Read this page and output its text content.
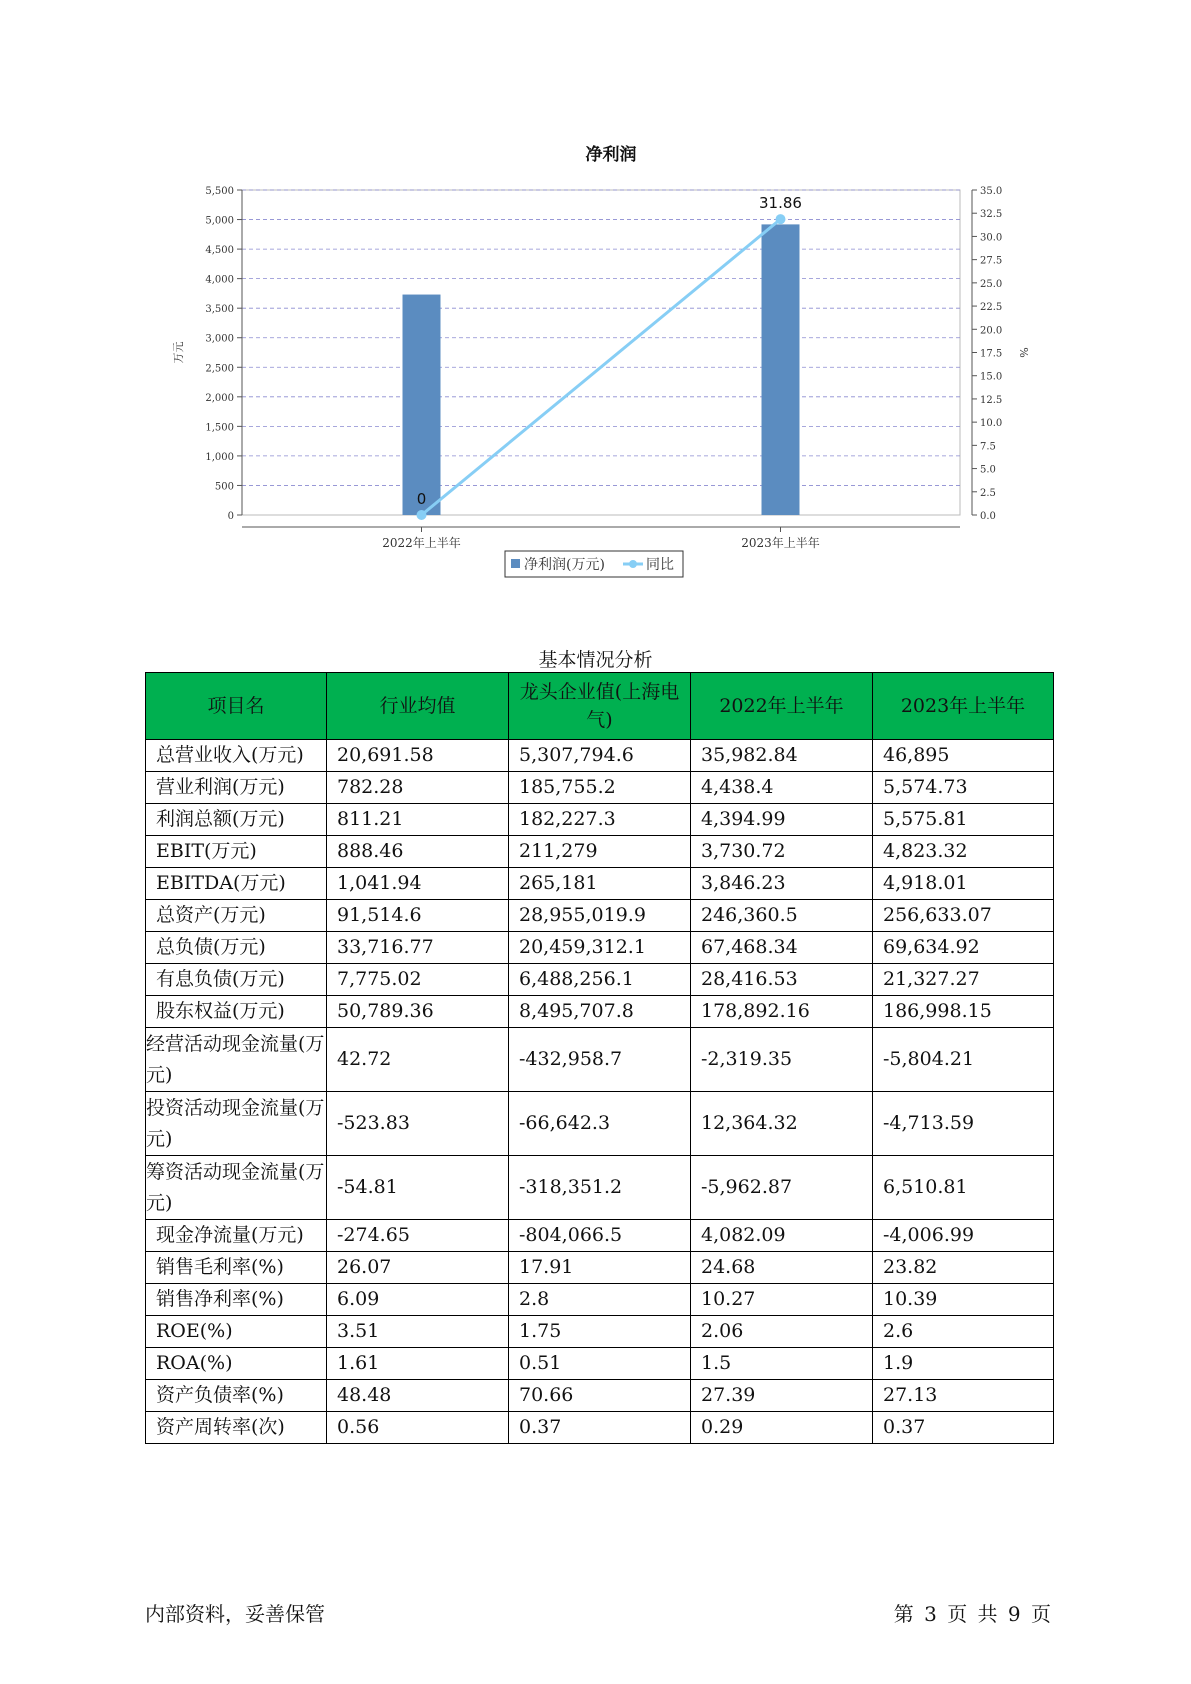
净利润
0
500
1,000
1,500
2,000
2,500
3,000
3,500
4,000
4,500
5,000
5,500
0.0
2.5
5.0
7.5
10.0
12.5
15.0
17.5
20.0
22.5
25.0
27.5
30.0
32.5
35.0
万元	%
2022年上半年	2023年上半年
0
31.86
净利润(万元)	同比
基本情况分析
项目名	行业均值	龙头企业值(上海电气)	2022年上半年	2023年上半年
总营业收入(万元)	20,691.58	5,307,794.6	35,982.84	46,895
营业利润(万元)	782.28	185,755.2	4,438.4	5,574.73
利润总额(万元)	811.21	182,227.3	4,394.99	5,575.81
EBIT(万元)	888.46	211,279	3,730.72	4,823.32
EBITDA(万元)	1,041.94	265,181	3,846.23	4,918.01
总资产(万元)	91,514.6	28,955,019.9	246,360.5	256,633.07
总负债(万元)	33,716.77	20,459,312.1	67,468.34	69,634.92
有息负债(万元)	7,775.02	6,488,256.1	28,416.53	21,327.27
股东权益(万元)	50,789.36	8,495,707.8	178,892.16	186,998.15
经营活动现金流量(万元)	42.72	-432,958.7	-2,319.35	-5,804.21
投资活动现金流量(万元)	-523.83	-66,642.3	12,364.32	-4,713.59
筹资活动现金流量(万元)	-54.81	-318,351.2	-5,962.87	6,510.81
现金净流量(万元)	-274.65	-804,066.5	4,082.09	-4,006.99
销售毛利率(%)	26.07	17.91	24.68	23.82
销售净利率(%)	6.09	2.8	10.27	10.39
ROE(%)	3.51	1.75	2.06	2.6
ROA(%)	1.61	0.51	1.5	1.9
资产负债率(%)	48.48	70.66	27.39	27.13
资产周转率(次)	0.56	0.37	0.29	0.37
内部资料，妥善保管	第 3 页 共 9 页
